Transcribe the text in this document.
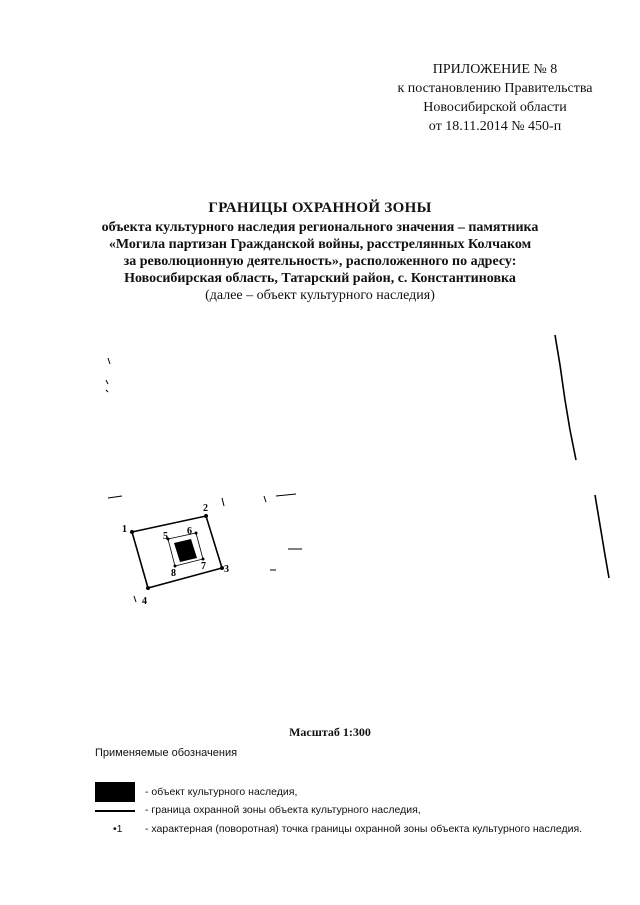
ПРИЛОЖЕНИЕ № 8
к постановлению Правительства
Новосибирской области
от 18.11.2014 № 450-п
ГРАНИЦЫ ОХРАННОЙ ЗОНЫ
объекта культурного наследия регионального значения – памятника
«Могила партизан Гражданской войны, расстрелянных Колчаком
за революционную деятельность», расположенного по адресу:
Новосибирская область, Татарский район, с. Константиновка
(далее – объект культурного наследия)
1
2
3
4
5 6
7
8
Масштаб 1:300
Применяемые обозначения
- объект культурного наследия,
- граница охранной зоны объекта культурного наследия,
•1 - характерная (поворотная) точка границы охранной зоны объекта культурного наследия.
